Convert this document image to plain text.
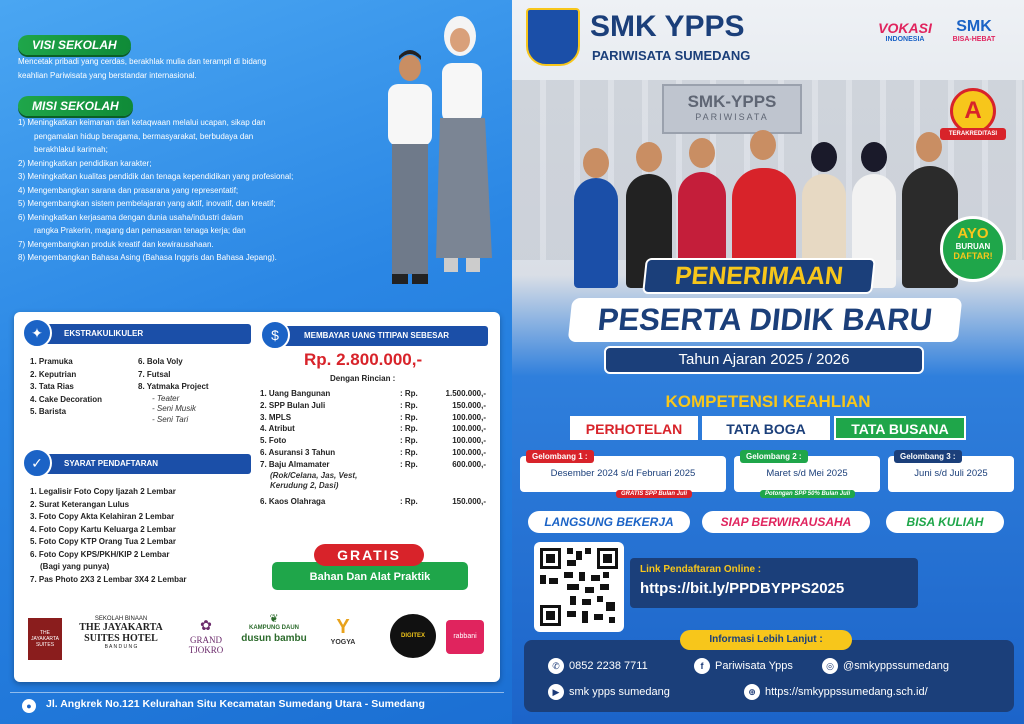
VISI SEKOLAH
Mencetak pribadi yang cerdas, berakhlak mulia dan terampil di bidang
keahlian Pariwisata yang berstandar internasional.
MISI SEKOLAH
1) Meningkatkan keimanan dan ketaqwaan melalui ucapan, sikap dan
pengamalan hidup beragama, bermasyarakat, berbudaya dan
berakhlakul karimah;
2) Meningkatkan pendidikan karakter;
3) Meningkatkan kualitas pendidik dan tenaga kependidikan yang profesional;
4) Mengembangkan sarana dan prasarana yang representatif;
5) Mengembangkan sistem pembelajaran yang aktif, inovatif, dan kreatif;
6) Meningkatkan kerjasama dengan dunia usaha/industri dalam
rangka Prakerin, magang dan pemasaran tenaga kerja; dan
7) Mengembangkan produk kreatif dan kewirausahaan.
8) Mengembangkan Bahasa Asing (Bahasa Inggris dan Bahasa Jepang).
EKSTRAKULIKULER
✦
1. Pramuka
2. Keputrian
3. Tata Rias
4. Cake Decoration
5. Barista
6. Bola Voly
7. Futsal
8. Yatmaka Project
- Teater
- Seni Musik
- Seni Tari
SYARAT PENDAFTARAN
✓
1. Legalisir Foto Copy Ijazah 2 Lembar
2. Surat Keterangan Lulus
3. Foto Copy Akta Kelahiran 2 Lembar
4. Foto Copy Kartu Keluarga 2 Lembar
5. Foto Copy KTP Orang Tua 2 Lembar
6. Foto Copy KPS/PKH/KIP 2 Lembar
(Bagi yang punya)
7. Pas Photo 2X3 2 Lembar 3X4 2 Lembar
MEMBAYAR UANG TITIPAN SEBESAR
$
Rp. 2.800.000,-
Dengan Rincian :
1. Uang Bangunan	: Rp.	1.500.000,-
2. SPP Bulan Juli	: Rp.	150.000,-
3. MPLS	: Rp.	100.000,-
4. Atribut	: Rp.	100.000,-
5. Foto	: Rp.	100.000,-
6. Asuransi 3 Tahun	: Rp.	100.000,-
7. Baju Almamater	: Rp.	600.000,-
(Rok/Celana, Jas, Vest,
Kerudung 2, Dasi)
6. Kaos Olahraga	: Rp.	150.000,-
GRATIS
Bahan Dan Alat Praktik
THE
JAYAKARTA
SUITES
SEKOLAH BINAAN
THE JAYAKARTA
SUITES HOTEL
B A N D U N G
✿
GRAND
TJOKRO
❦
KAMPUNG DAUN
dusun bambu
Y
YOGYA
DIGITEX	rabbani
●	Jl. Angkrek No.121 Kelurahan Situ Kecamatan Sumedang Utara - Sumedang
SMK-YPPS
PARIWISATA
SMK YPPS
PARIWISATA SUMEDANG
VOKASI
INDONESIA
SMK
BISA-HEBAT
A
TERAKREDITASI
AYO
BURUAN
DAFTAR!
PENERIMAAN
PESERTA DIDIK BARU
Tahun Ajaran 2025 / 2026
KOMPETENSI KEAHLIAN
PERHOTELAN	TATA BOGA	TATA BUSANA
Gelombang 1 :
Desember 2024 s/d Februari 2025
GRATIS SPP Bulan Juli
Gelombang 2 :
Maret s/d Mei 2025
Potongan SPP 50% Bulan Juli
Gelombang 3 :
Juni s/d Juli 2025
LANGSUNG BEKERJA	SIAP BERWIRAUSAHA	BISA KULIAH
Link Pendaftaran Online :
https://bit.ly/PPDBYPPS2025
Informasi Lebih Lanjut :
✆ 0852 2238 7711	f Pariwisata Ypps	◎ @smkyppssumedang
▶ smk ypps sumedang	⊕ https://smkyppssumedang.sch.id/
